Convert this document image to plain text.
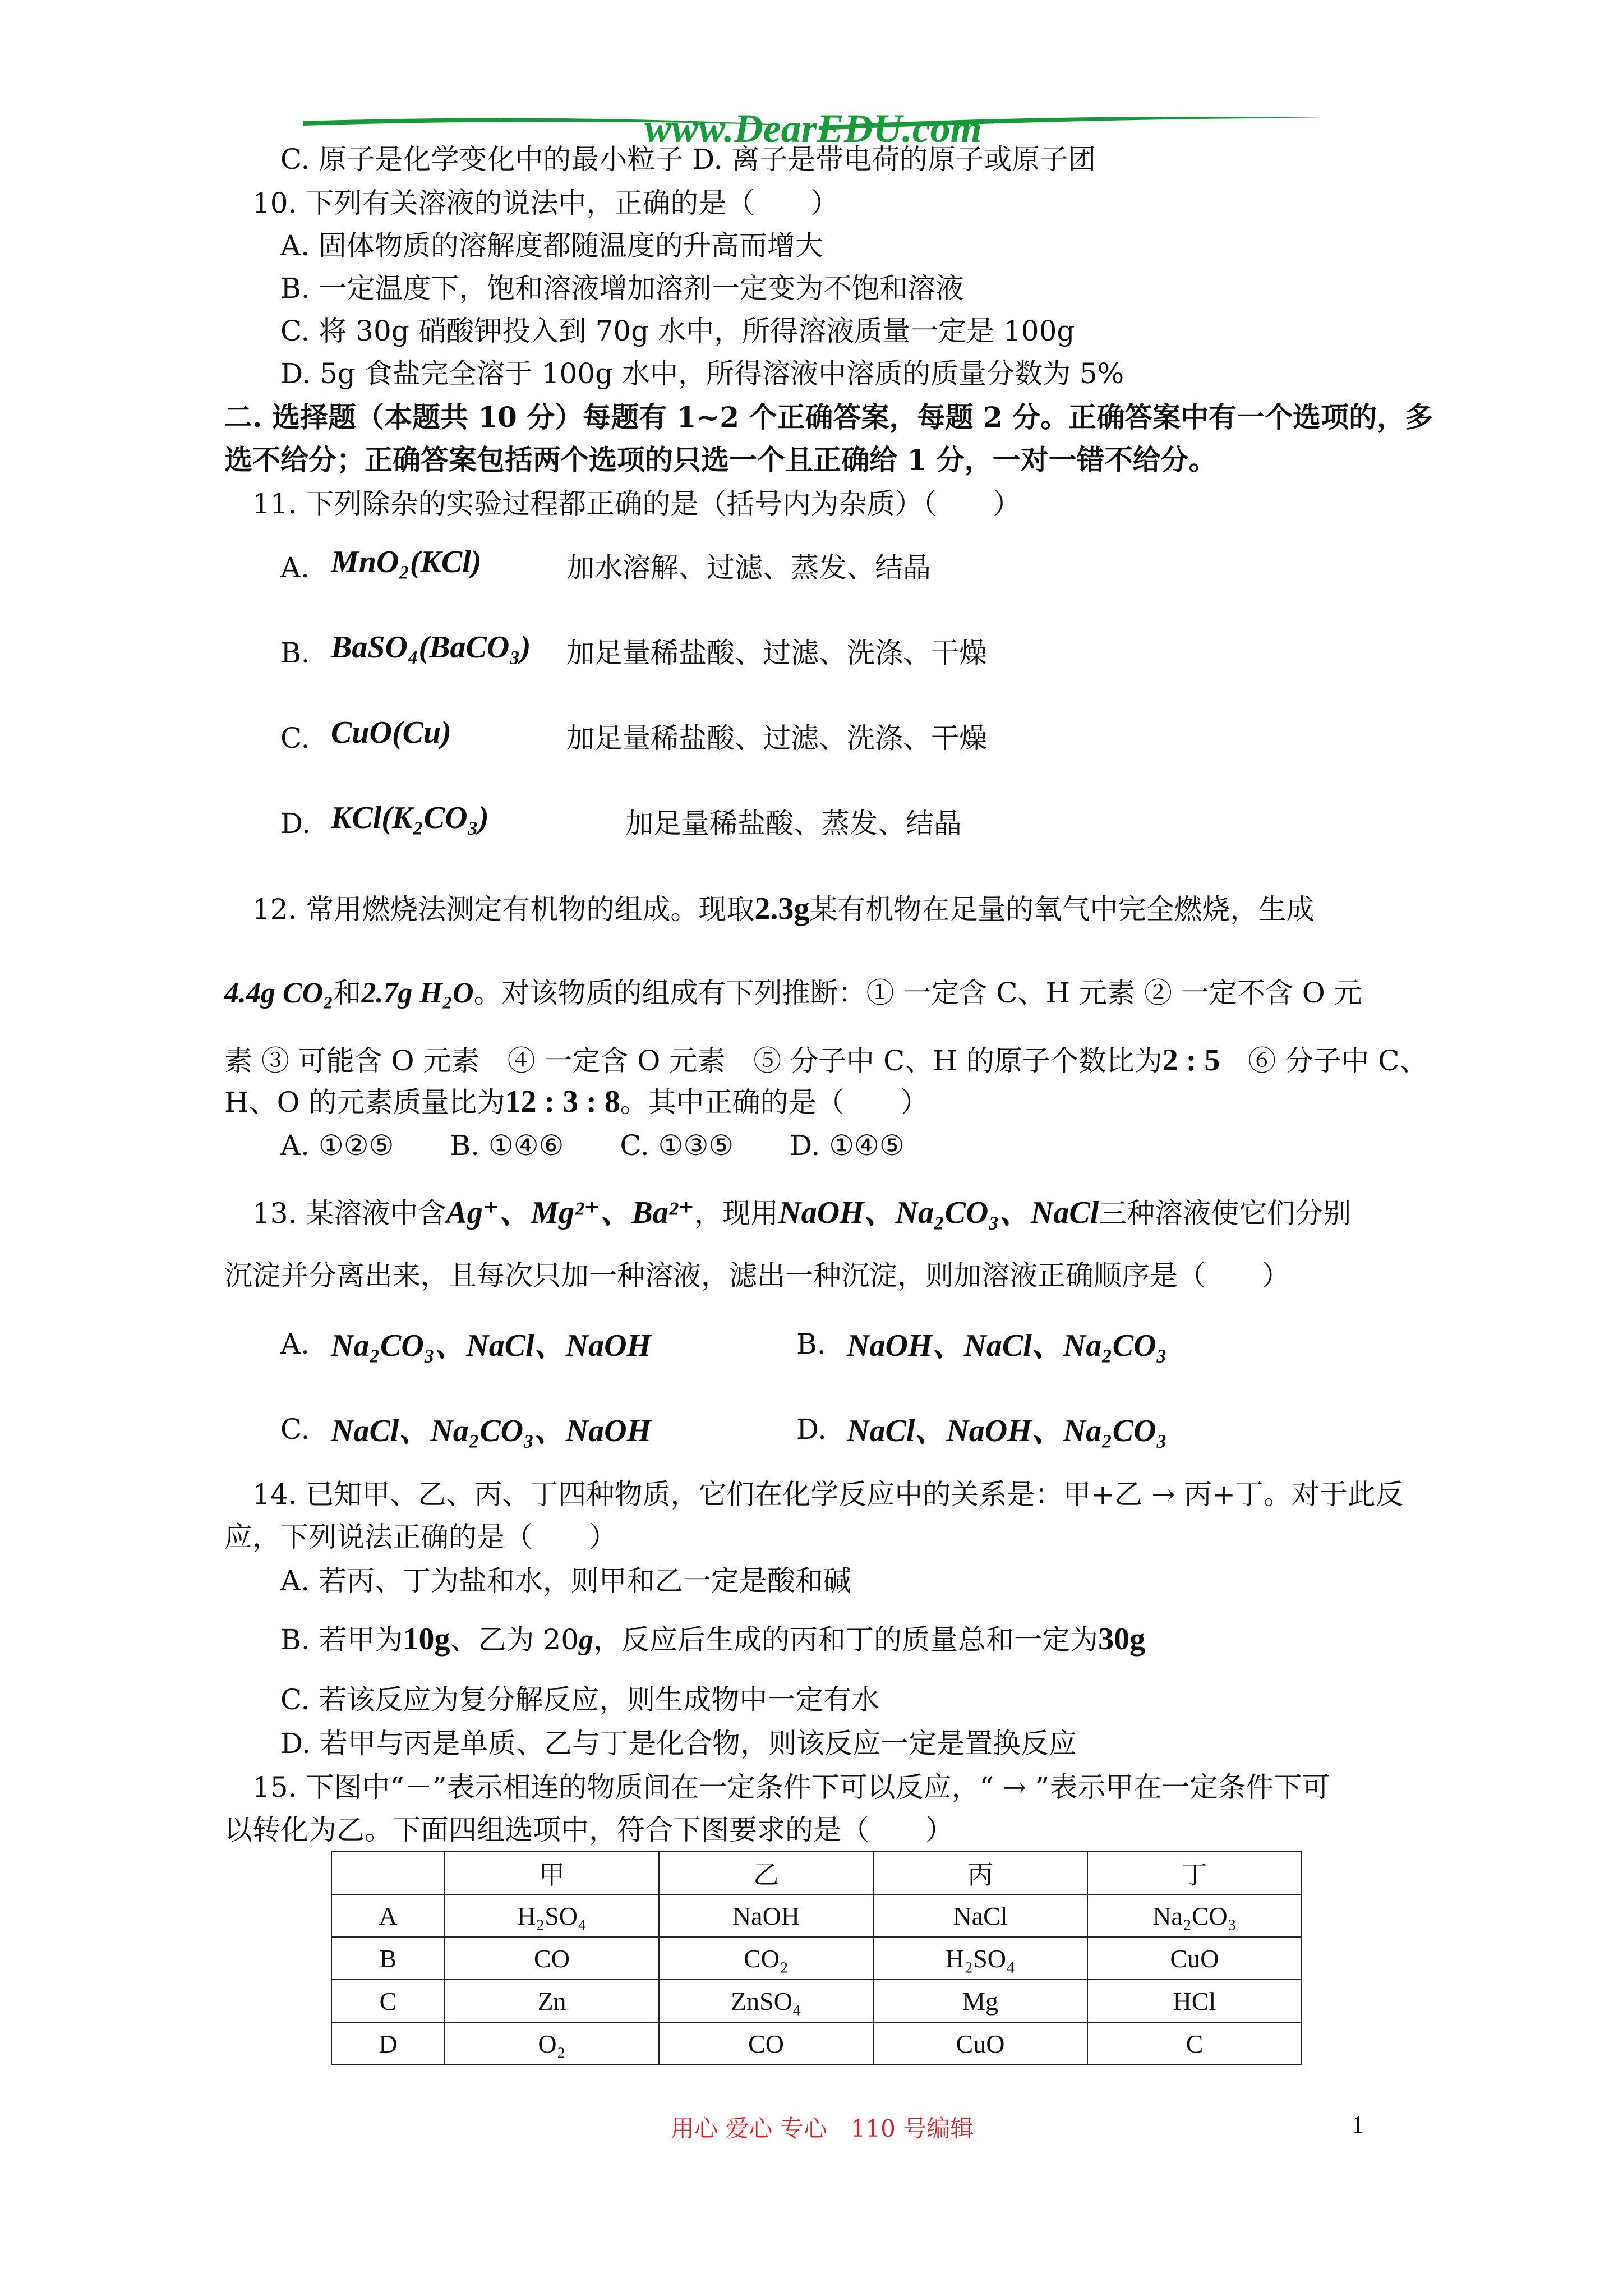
www.DearEDU.com
C. 原子是化学变化中的最小粒子 D. 离子是带电荷的原子或原子团
10. 下列有关溶液的说法中，正确的是（　　）
A. 固体物质的溶解度都随温度的升高而增大
B. 一定温度下，饱和溶液增加溶剂一定变为不饱和溶液
C. 将 30g 硝酸钾投入到 70g 水中，所得溶液质量一定是 100g
D. 5g 食盐完全溶于 100g 水中，所得溶液中溶质的质量分数为 5%
二. 选择题（本题共 10 分）每题有 1~2 个正确答案，每题 2 分。正确答案中有一个选项的，多
选不给分；正确答案包括两个选项的只选一个且正确给 1 分，一对一错不给分。
11. 下列除杂的实验过程都正确的是（括号内为杂质）（　　）
A. MnO₂(KCl)	加水溶解、过滤、蒸发、结晶
B. BaSO₄(BaCO₃) 加足量稀盐酸、过滤、洗涤、干燥
C. CuO(Cu)	加足量稀盐酸、过滤、洗涤、干燥
D. KCl(K₂CO₃)	加足量稀盐酸、蒸发、结晶
12. 常用燃烧法测定有机物的组成。现取2.3g某有机物在足量的氧气中完全燃烧，生成
4.4g CO₂和2.7g H₂O。对该物质的组成有下列推断：① 一定含 C、H 元素 ② 一定不含 O 元
素 ③ 可能含 O 元素　④ 一定含 O 元素　⑤ 分子中 C、H 的原子个数比为2 : 5　⑥ 分子中 C、
H、O 的元素质量比为12 : 3 : 8。其中正确的是（　　）
A. ①②⑤　　B. ①④⑥　　C. ①③⑤　　D. ①④⑤
13. 某溶液中含Ag⁺、Mg²⁺、Ba²⁺，现用NaOH、Na₂CO₃、NaCl三种溶液使它们分别
沉淀并分离出来，且每次只加一种溶液，滤出一种沉淀，则加溶液正确顺序是（　　）
A. Na₂CO₃、NaCl、NaOH	B. NaOH、NaCl、Na₂CO₃
C. NaCl、Na₂CO₃、NaOH	D. NaCl、NaOH、Na₂CO₃
14. 已知甲、乙、丙、丁四种物质，它们在化学反应中的关系是：甲+乙 → 丙+丁。对于此反
应，下列说法正确的是（　　）
A. 若丙、丁为盐和水，则甲和乙一定是酸和碱
B. 若甲为10g、乙为 20g，反应后生成的丙和丁的质量总和一定为30g
C. 若该反应为复分解反应，则生成物中一定有水
D. 若甲与丙是单质、乙与丁是化合物，则该反应一定是置换反应
15. 下图中“－”表示相连的物质间在一定条件下可以反应，“ → ”表示甲在一定条件下可
以转化为乙。下面四组选项中，符合下图要求的是（　　）
	甲	乙	丙	丁
A	H₂SO₄	NaOH	NaCl	Na₂CO₃
B	CO	CO₂	H₂SO₄	CuO
C	Zn	ZnSO₄	Mg	HCl
D	O₂	CO	CuO	C
用心 爱心 专心　110 号编辑	1
